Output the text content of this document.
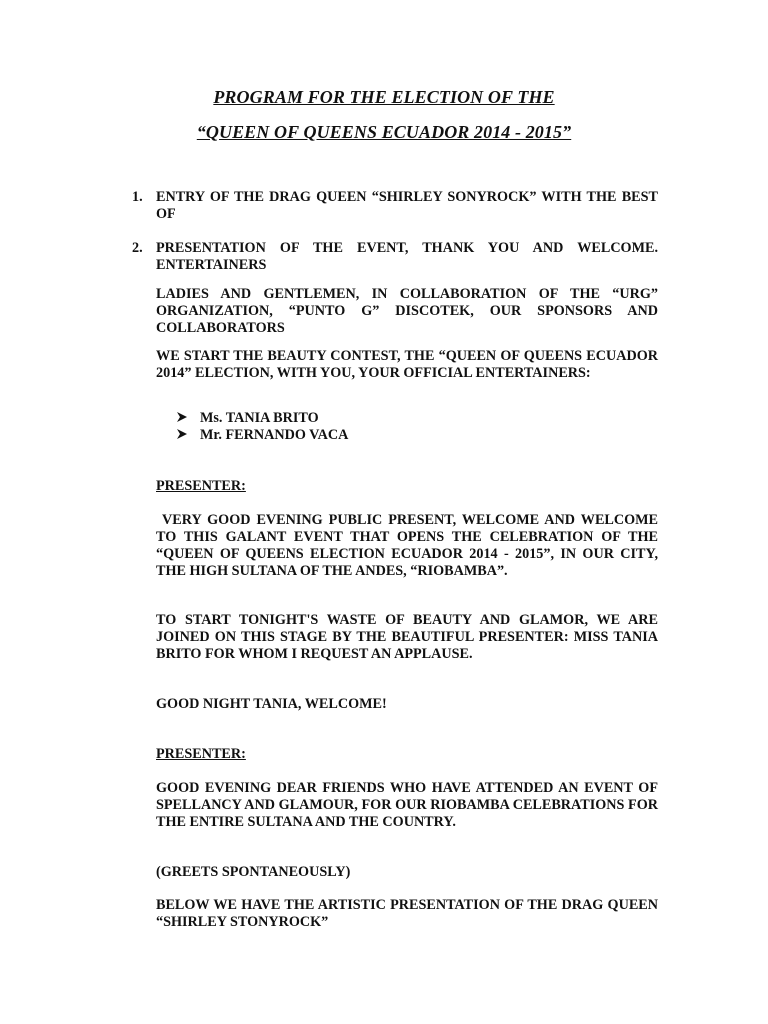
PROGRAM FOR THE ELECTION OF THE
“QUEEN OF QUEENS ECUADOR 2014 - 2015”
1. ENTRY OF THE DRAG QUEEN “SHIRLEY SONYROCK” WITH THE BEST OF
2. PRESENTATION OF THE EVENT, THANK YOU AND WELCOME. ENTERTAINERS
LADIES AND GENTLEMEN, IN COLLABORATION OF THE “URG” ORGANIZATION, “PUNTO G” DISCOTEK, OUR SPONSORS AND COLLABORATORS
WE START THE BEAUTY CONTEST, THE “QUEEN OF QUEENS ECUADOR 2014” ELECTION, WITH YOU, YOUR OFFICIAL ENTERTAINERS:
Ms. TANIA BRITO
Mr. FERNANDO VACA
PRESENTER:
VERY GOOD EVENING PUBLIC PRESENT, WELCOME AND WELCOME TO THIS GALANT EVENT THAT OPENS THE CELEBRATION OF THE “QUEEN OF QUEENS ELECTION ECUADOR 2014 - 2015”, IN OUR CITY, THE HIGH SULTANA OF THE ANDES, “RIOBAMBA”.
TO START TONIGHT'S WASTE OF BEAUTY AND GLAMOR, WE ARE JOINED ON THIS STAGE BY THE BEAUTIFUL PRESENTER: MISS TANIA BRITO FOR WHOM I REQUEST AN APPLAUSE.
GOOD NIGHT TANIA, WELCOME!
PRESENTER:
GOOD EVENING DEAR FRIENDS WHO HAVE ATTENDED AN EVENT OF SPELLANCY AND GLAMOUR, FOR OUR RIOBAMBA CELEBRATIONS FOR THE ENTIRE SULTANA AND THE COUNTRY.
(GREETS SPONTANEOUSLY)
BELOW WE HAVE THE ARTISTIC PRESENTATION OF THE DRAG QUEEN “SHIRLEY STONYROCK”
